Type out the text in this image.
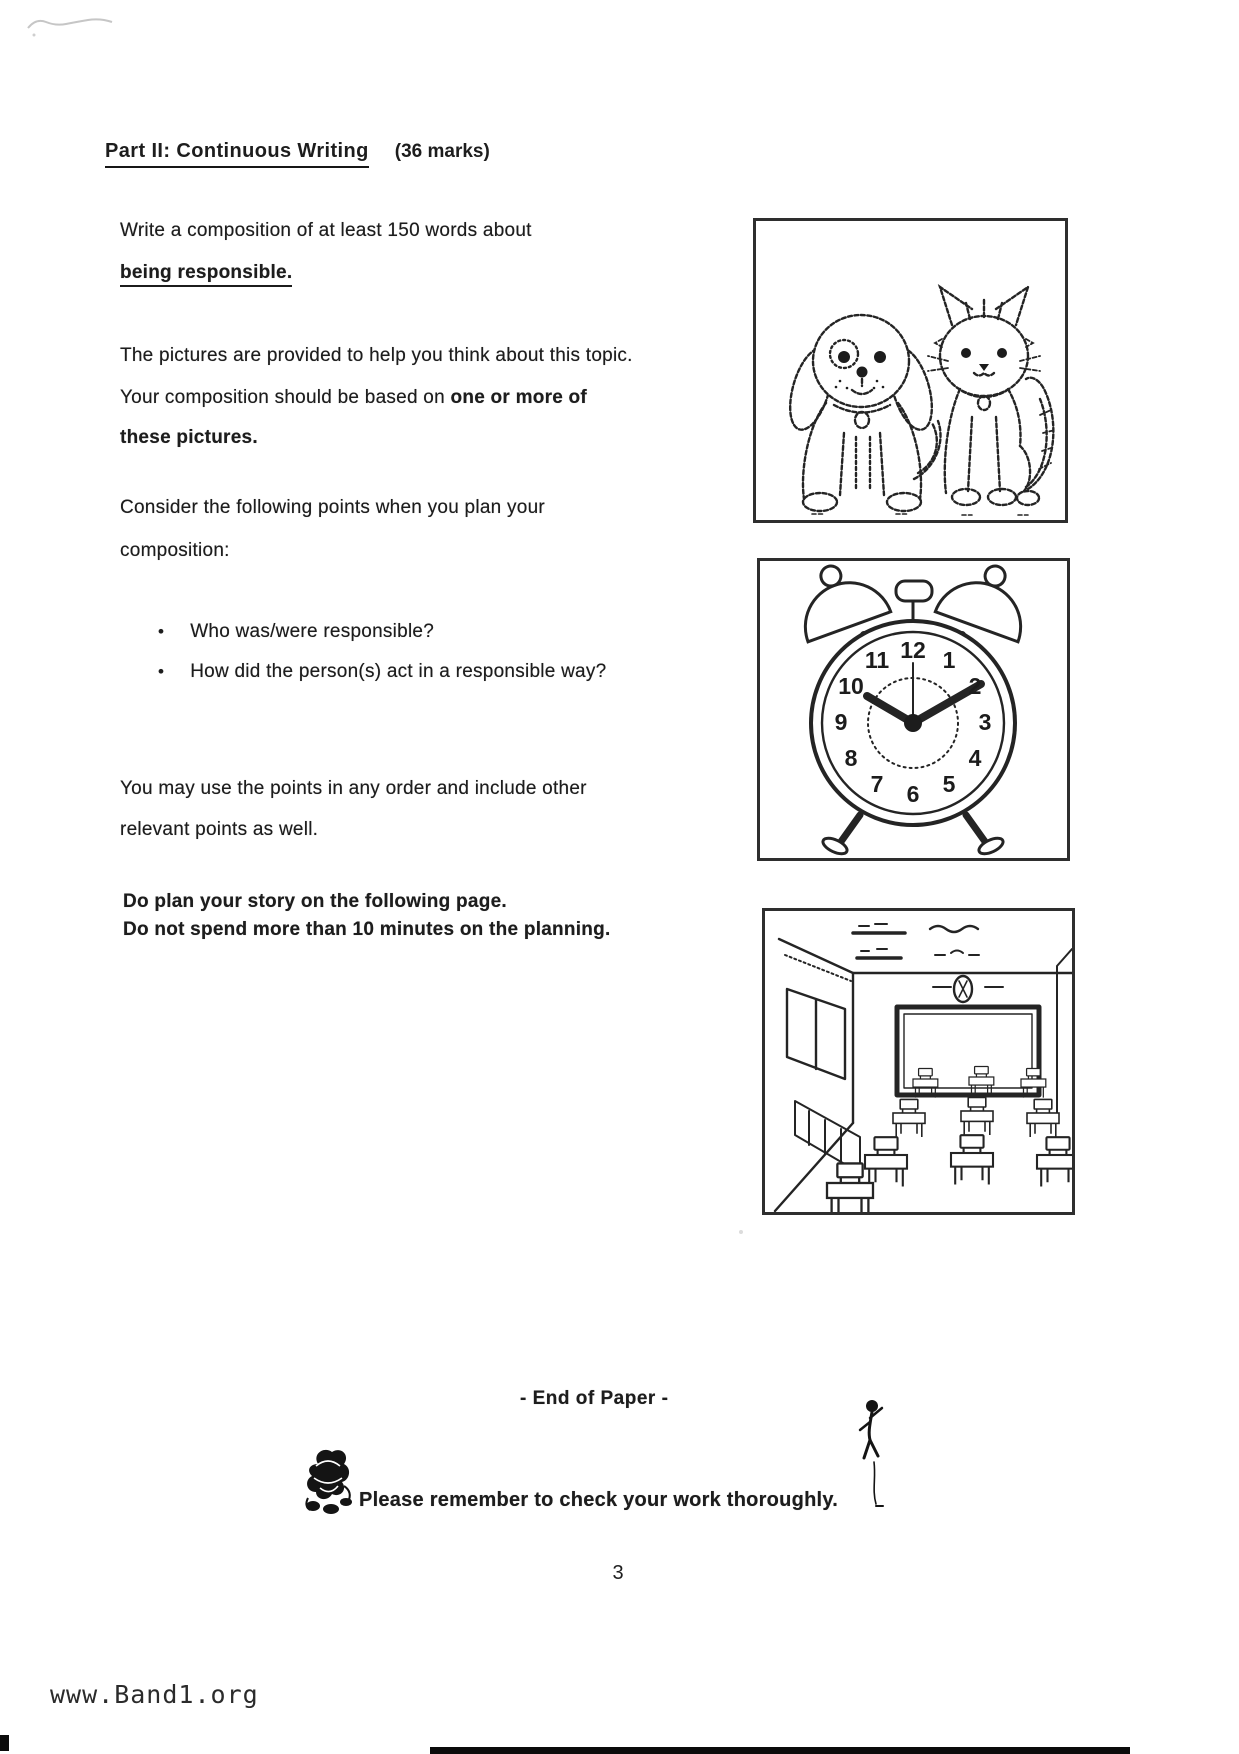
Part II: Continuous Writing (36 marks)
Write a composition of at least 150 words about
being responsible.
The pictures are provided to help you think about this topic.
Your composition should be based on one or more of
these pictures.
Consider the following points when you plan your
composition:
• Who was/were responsible?
• How did the person(s) act in a responsible way?
You may use the points in any order and include other
relevant points as well.
Do plan your story on the following page.
Do not spend more than 10 minutes on the planning.
12 1
2
3
4
5
6
7
8
9
10
11
- End of Paper -
Please remember to check your work thoroughly.
3
www.Band1.org
